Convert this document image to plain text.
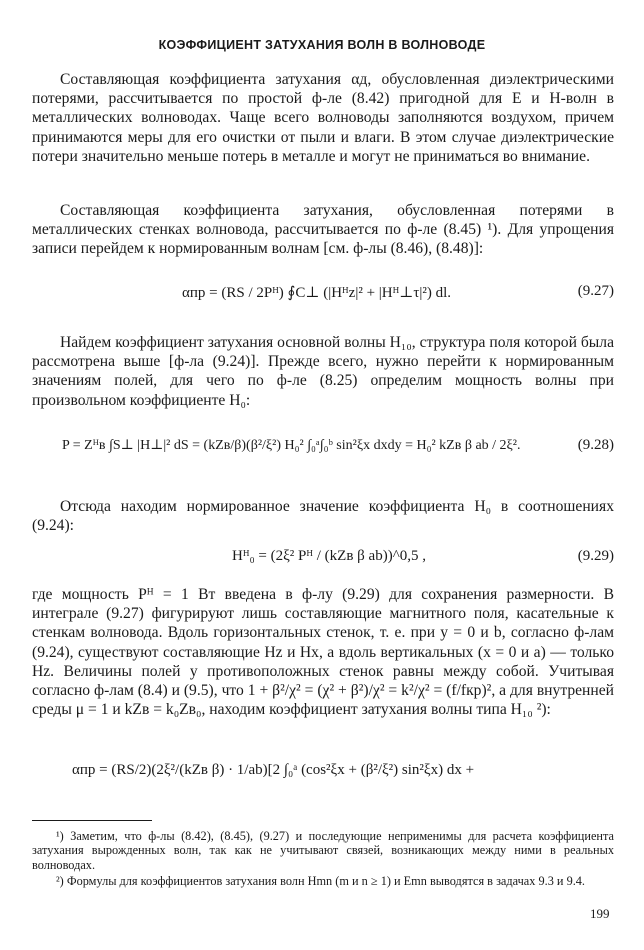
КОЭФФИЦИЕНТ ЗАТУХАНИЯ ВОЛН В ВОЛНОВОДЕ

Составляющая коэффициента затухания αд, обусловленная диэлектрическими потерями, рассчитывается по простой ф-ле (8.42) пригодной для E и H-волн в металлических волноводах. Чаще всего волноводы заполняются воздухом, причем принимаются меры для его очистки от пыли и влаги. В этом случае диэлектрические потери значительно меньше потерь в металле и могут не приниматься во внимание.

Составляющая коэффициента затухания, обусловленная потерями в металлических стенках волновода, рассчитывается по ф-ле (8.45) ¹). Для упрощения записи перейдем к нормированным волнам [см. ф-лы (8.46), (8.48)]:

αпр = (RS / 2Pᴴ) ∮C⊥ (|Hᴴz|² + |Hᴴ⊥τ|²) dl.	(9.27)

Найдем коэффициент затухания основной волны H₁₀, структура поля которой была рассмотрена выше [ф-ла (9.24)]. Прежде всего, нужно перейти к нормированным значениям полей, для чего по ф-ле (8.25) определим мощность волны при произвольном коэффициенте H₀:

P = Zᴴв ∫S⊥ |H⊥|² dS = (kZв/β)(β²/ξ²) H₀² ∫₀ᵃ∫₀ᵇ sin²ξx dxdy = H₀² kZв β ab / 2ξ².	(9.28)

Отсюда находим нормированное значение коэффициента H₀ в соотношениях (9.24):

Hᴴ₀ = (2ξ² Pᴴ / (kZв β ab))^0,5 ,	(9.29)

где мощность Pᴴ = 1 Вт введена в ф-лу (9.29) для сохранения размерности. В интеграле (9.27) фигурируют лишь составляющие магнитного поля, касательные к стенкам волновода. Вдоль горизонтальных стенок, т. е. при y = 0 и b, согласно ф-лам (9.24), существуют составляющие Hz и Hx, а вдоль вертикальных (x = 0 и a) — только Hz. Величины полей у противоположных стенок равны между собой. Учитывая согласно ф-лам (8.4) и (9.5), что 1 + β²/χ² = (χ² + β²)/χ² = k²/χ² = (f/fкр)², а для внутренней среды μ = 1 и kZв = k₀Zв₀, находим коэффициент затухания волны типа H₁₀ ²):

αпр = (RS/2)(2ξ²/(kZв β) · 1/ab)[2 ∫₀ᵃ (cos²ξx + (β²/ξ²) sin²ξx) dx +

¹) Заметим, что ф-лы (8.42), (8.45), (9.27) и последующие неприменимы для расчета коэффициента затухания вырожденных волн, так как не учитывают связей, возникающих между ними в реальных волноводах.

²) Формулы для коэффициентов затухания волн Hmn (m и n ≥ 1) и Emn выводятся в задачах 9.3 и 9.4.

199
